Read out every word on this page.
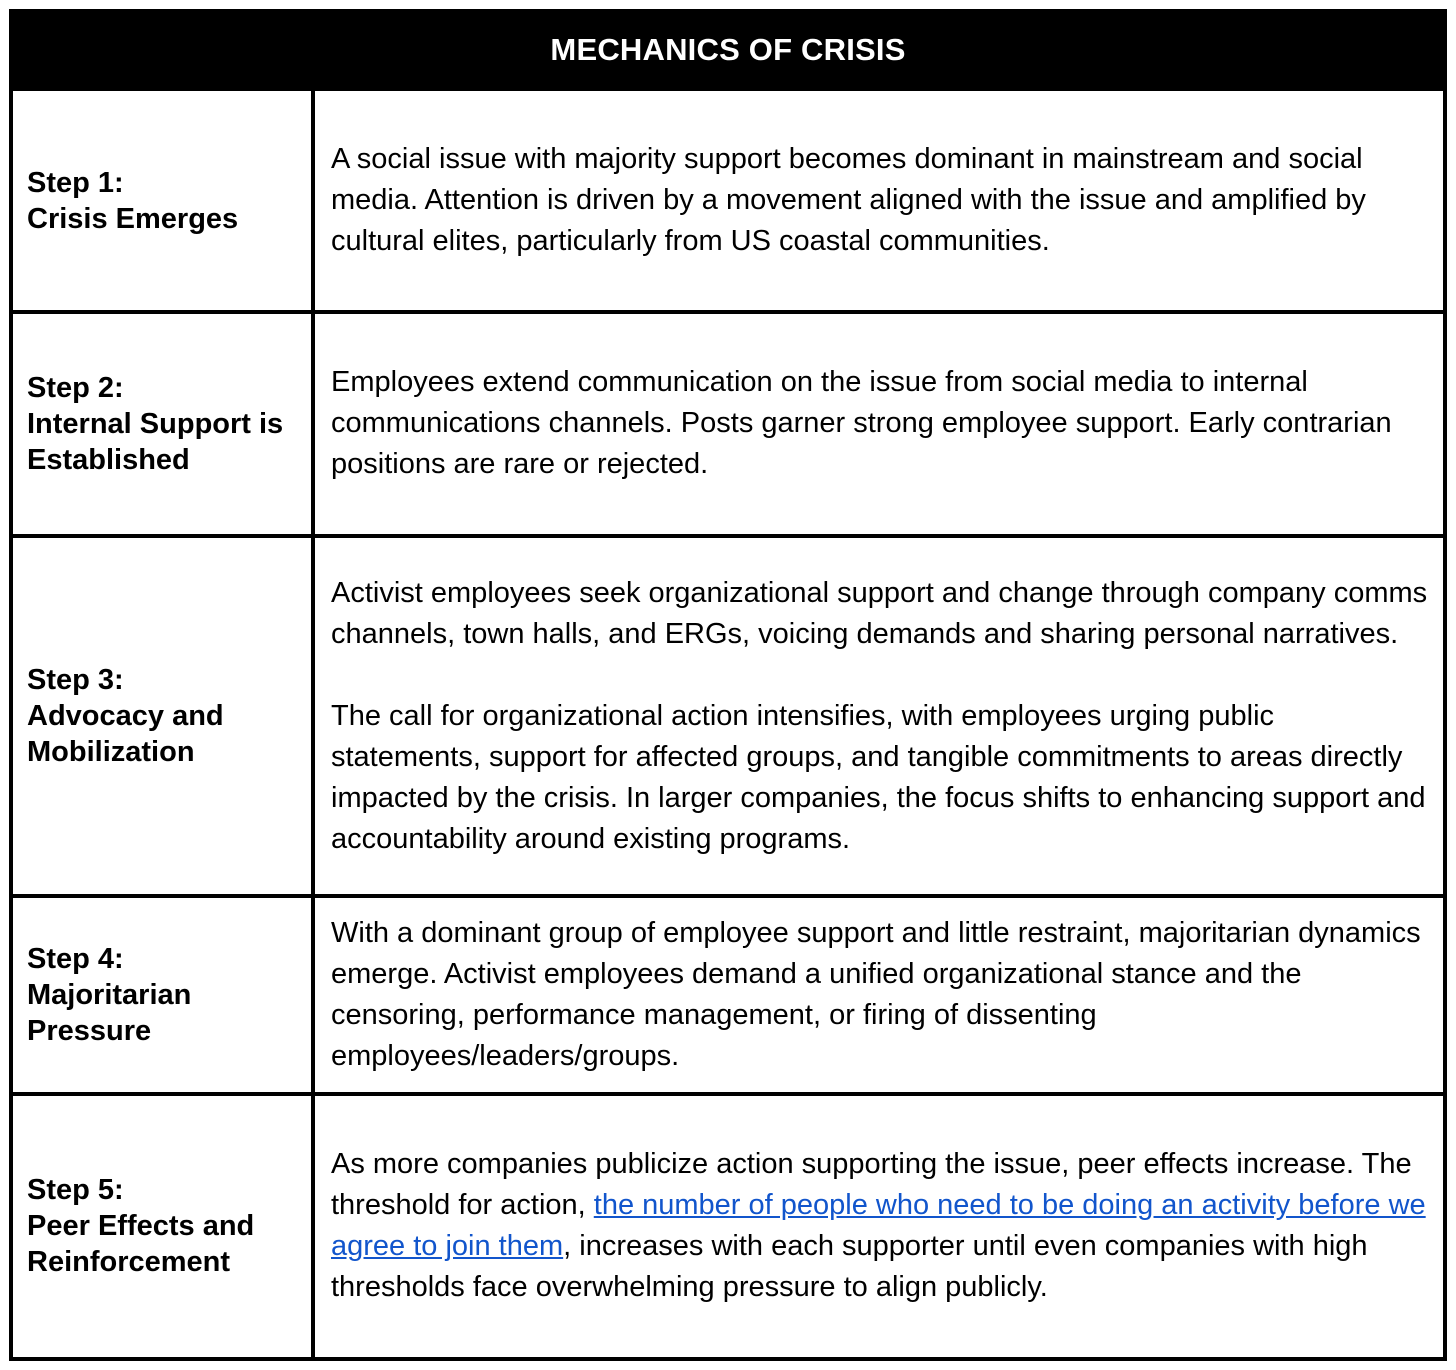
MECHANICS OF CRISIS
Step 1:
Crisis Emerges

A social issue with majority support becomes dominant in mainstream and social media. Attention is driven by a movement aligned with the issue and amplified by cultural elites, particularly from US coastal communities.

Step 2:
Internal Support is Established

Employees extend communication on the issue from social media to internal communications channels. Posts garner strong employee support. Early contrarian positions are rare or rejected.

Step 3:
Advocacy and Mobilization

Activist employees seek organizational support and change through company comms channels, town halls, and ERGs, voicing demands and sharing personal narratives.

The call for organizational action intensifies, with employees urging public statements, support for affected groups, and tangible commitments to areas directly impacted by the crisis. In larger companies, the focus shifts to enhancing support and accountability around existing programs.

Step 4:
Majoritarian Pressure

With a dominant group of employee support and little restraint, majoritarian dynamics emerge. Activist employees demand a unified organizational stance and the censoring, performance management, or firing of dissenting employees/leaders/groups.

Step 5:
Peer Effects and Reinforcement

As more companies publicize action supporting the issue, peer effects increase. The threshold for action, the number of people who need to be doing an activity before we agree to join them, increases with each supporter until even companies with high thresholds face overwhelming pressure to align publicly.
